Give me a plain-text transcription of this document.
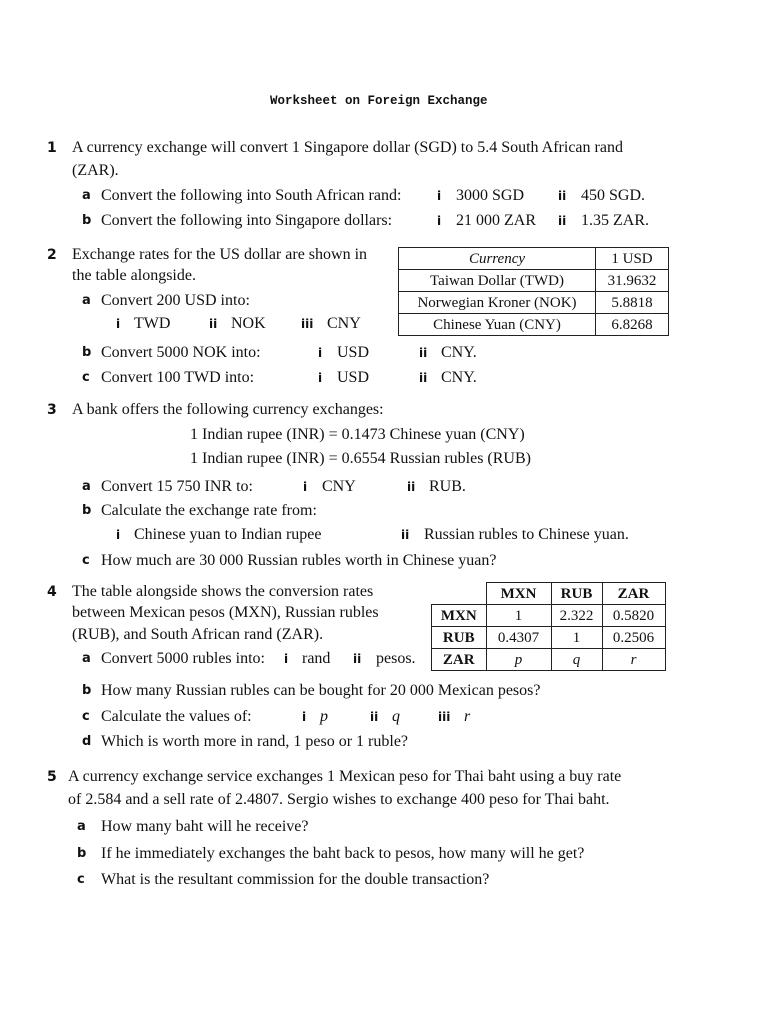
Worksheet on Foreign Exchange
1 A currency exchange will convert 1 Singapore dollar (SGD) to 5.4 South African rand
(ZAR).
a Convert the following into South African rand:	i 3000 SGD	ii 450 SGD.
b Convert the following into Singapore dollars:	i 21 000 ZAR ii 1.35 ZAR.
2 Exchange rates for the US dollar are shown in
the table alongside.
a Convert 200 USD into:
i TWD	ii NOK	iii CNY
Currency	1 USD
Taiwan Dollar (TWD)	31.9632
Norwegian Kroner (NOK)	5.8818
Chinese Yuan (CNY)	6.8268
b Convert 5000 NOK into:	i USD	ii CNY.
c Convert 100 TWD into:	i USD	ii CNY.
3 A bank offers the following currency exchanges:
1 Indian rupee (INR) = 0.1473 Chinese yuan (CNY)
1 Indian rupee (INR) = 0.6554 Russian rubles (RUB)
a Convert 15 750 INR to:	i CNY	ii RUB.
b Calculate the exchange rate from:
i Chinese yuan to Indian rupee	ii Russian rubles to Chinese yuan.
c How much are 30 000 Russian rubles worth in Chinese yuan?
4 The table alongside shows the conversion rates
between Mexican pesos (MXN), Russian rubles
(RUB), and South African rand (ZAR).
a Convert 5000 rubles into: i rand ii pesos.
	MXN	RUB	ZAR
MXN	1	2.322	0.5820
RUB	0.4307	1	0.2506
ZAR	p	q	r
b How many Russian rubles can be bought for 20 000 Mexican pesos?
c Calculate the values of:	i p	ii q	iii r
d Which is worth more in rand, 1 peso or 1 ruble?
5 A currency exchange service exchanges 1 Mexican peso for Thai baht using a buy rate
of 2.584 and a sell rate of 2.4807. Sergio wishes to exchange 400 peso for Thai baht.
a How many baht will he receive?
b If he immediately exchanges the baht back to pesos, how many will he get?
c What is the resultant commission for the double transaction?
